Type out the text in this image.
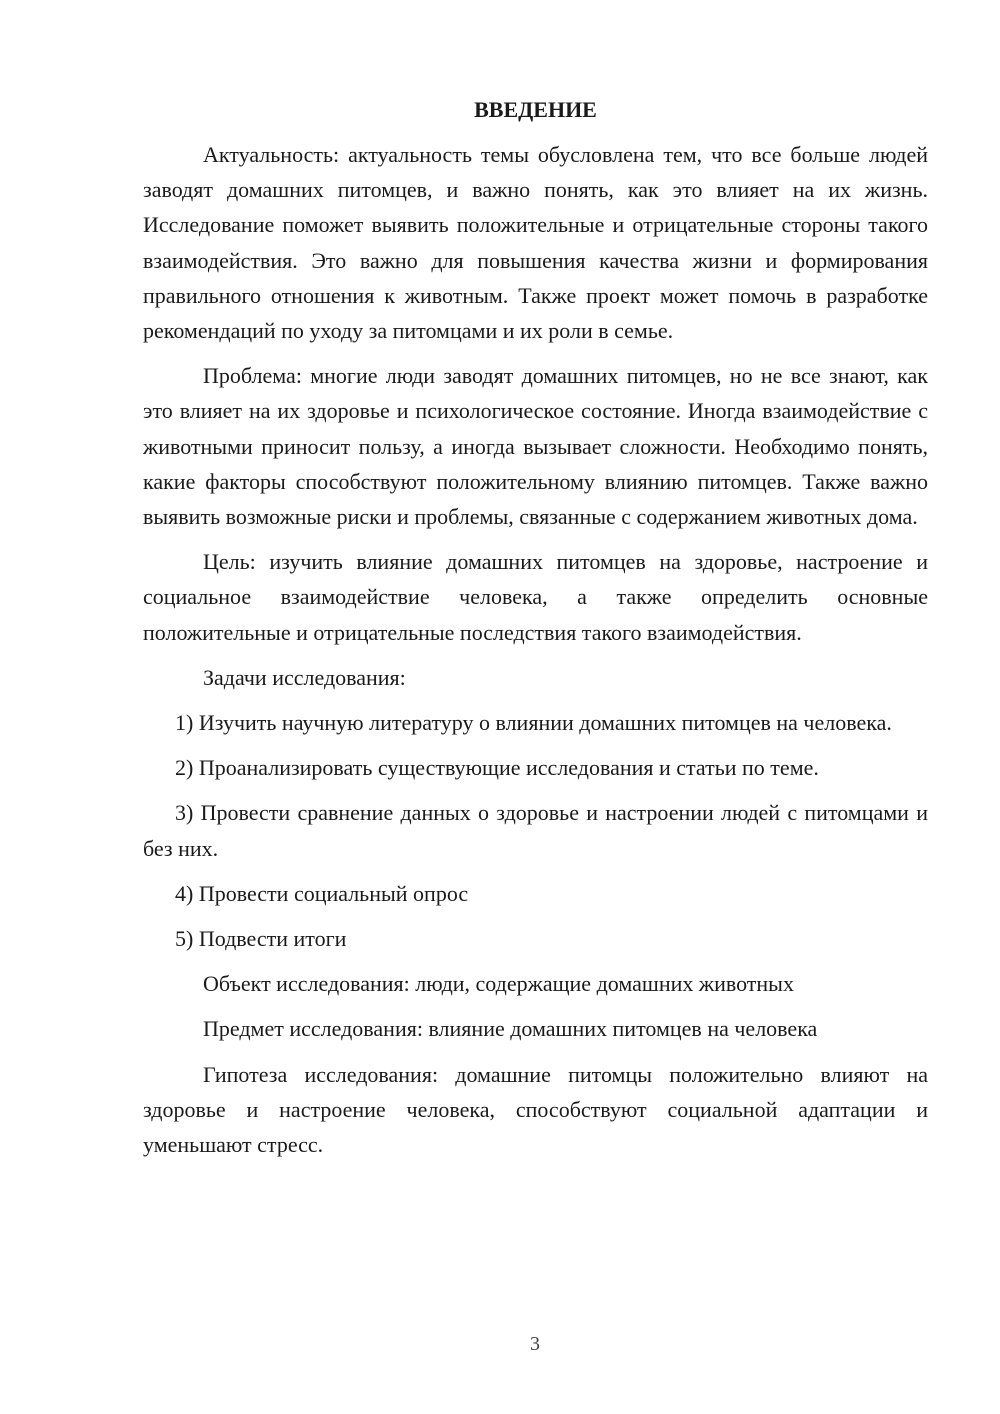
ВВЕДЕНИЕ

Актуальность: актуальность темы обусловлена тем, что все больше людей заводят домашних питомцев, и важно понять, как это влияет на их жизнь. Исследование поможет выявить положительные и отрицательные стороны такого взаимодействия. Это важно для повышения качества жизни и формирования правильного отношения к животным. Также проект может помочь в разработке рекомендаций по уходу за питомцами и их роли в семье.

Проблема: многие люди заводят домашних питомцев, но не все знают, как это влияет на их здоровье и психологическое состояние. Иногда взаимодействие с животными приносит пользу, а иногда вызывает сложности. Необходимо понять, какие факторы способствуют положительному влиянию питомцев. Также важно выявить возможные риски и проблемы, связанные с содержанием животных дома.

Цель: изучить влияние домашних питомцев на здоровье, настроение и социальное взаимодействие человека, а также определить основные положительные и отрицательные последствия такого взаимодействия.

Задачи исследования:

1) Изучить научную литературу о влиянии домашних питомцев на человека.

2) Проанализировать существующие исследования и статьи по теме.

3) Провести сравнение данных о здоровье и настроении людей с питомцами и без них.

4) Провести социальный опрос

5) Подвести итоги

Объект исследования: люди, содержащие домашних животных

Предмет исследования: влияние домашних питомцев на человека

Гипотеза исследования: домашние питомцы положительно влияют на здоровье и настроение человека, способствуют социальной адаптации и уменьшают стресс.

3
